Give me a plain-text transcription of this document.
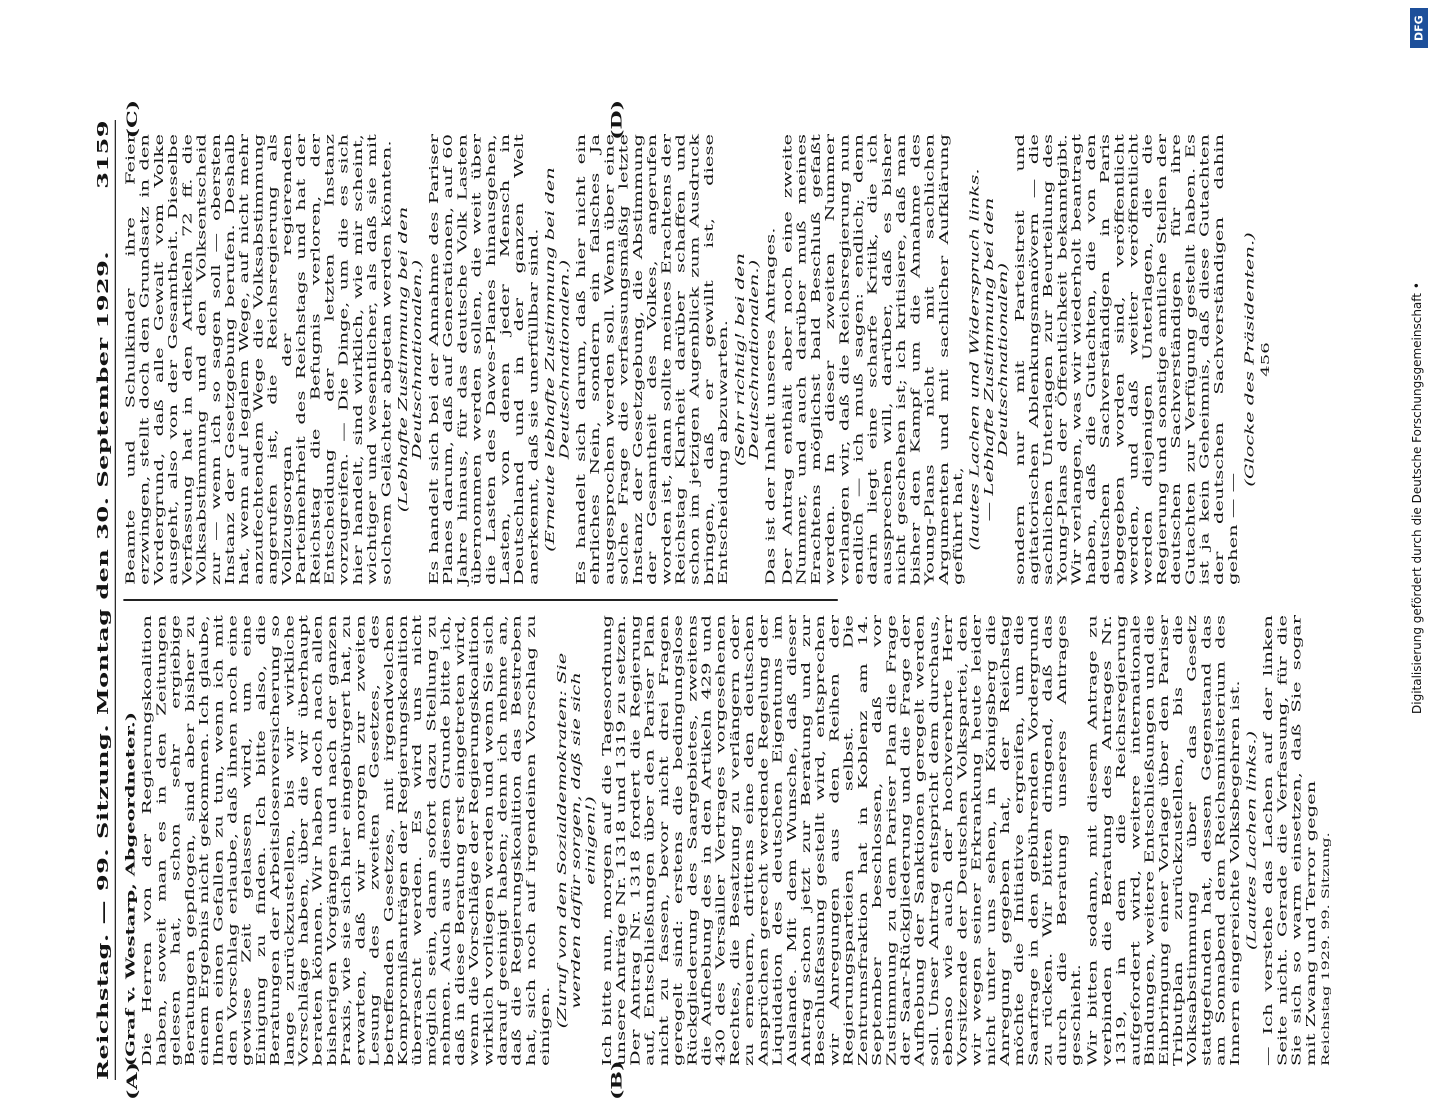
Reichstag. — 99. Sitzung. Montag den 30. September 1929.
3159
(A)	(B)
(C)	(D)

(Graf v. Westarp, Abgeordneter.) Die Herren von der Regierungskoalition haben, soweit man es in den Zeitungen gelesen hat, schon sehr ergiebige Beratungen gepflogen, sind aber bisher zu einem Ergebnis nicht gekommen. Ich glaube, Ihnen einen Gefallen zu tun, wenn ich mit den Vorschlag erlaube, daß ihnen noch eine gewisse Zeit gelassen wird, um eine Einigung zu finden. Ich bitte also, die Beratungen der Arbeitslosenversicherung so lange zurückzustellen, bis wir wirkliche Vorschläge haben, über die wir überhaupt beraten können. Wir haben doch nach allen bisherigen Vorgängen und nach der ganzen Praxis, wie sie sich hier eingebürgert hat, zu erwarten, daß wir morgen zur zweiten Lesung des zweiten Gesetzes, des betreffenden Gesetzes, mit irgendwelchen Kompromißanträgen der Regierungskoalition überrascht werden. Es wird uns nicht möglich sein, dann sofort dazu Stellung zu nehmen. Auch aus diesem Grunde bitte ich, daß in diese Beratung erst eingetreten wird, wenn die Vorschläge der Regierungskoalition wirklich vorliegen werden und wenn Sie sich darauf geeinigt haben; denn ich nehme an, daß die Regierungskoalition das Bestreben hat, sich noch auf irgendeinen Vorschlag zu einigen. (Zuruf von den Sozialdemokraten: Sie werden dafür sorgen, daß sie sich einigen!) Ich bitte nun, morgen auf die Tagesordnung unsere Anträge Nr. 1318 und 1319 zu setzen. Der Antrag Nr. 1318 fordert die Regierung auf, Entschließungen über den Pariser Plan nicht zu fassen, bevor nicht drei Fragen geregelt sind: erstens die bedingungslose Rückgliederung des Saargebietes, zweitens die Aufhebung des in den Artikeln 429 und 430 des Versailler Vertrages vorgesehenen Rechtes, die Besatzung zu verlängern oder zu erneuern, drittens eine den deutschen Ansprüchen gerecht werdende Regelung der Liquidation des deutschen Eigentums im Auslande. Mit dem Wunsche, daß dieser Antrag schon jetzt zur Beratung und zur Beschlußfassung gestellt wird, entsprechen wir Anregungen aus den Reihen der Regierungsparteien selbst. Die Zentrumsfraktion hat in Koblenz am 14. September beschlossen, daß vor Zustimmung zu dem Pariser Plan die Frage der Saar-Rückgliederung und die Frage der Aufhebung der Sanktionen geregelt werden soll. Unser Antrag entspricht dem durchaus, ebenso wie auch der hochverehrte Herr Vorsitzende der Deutschen Volkspartei, den wir wegen seiner Erkrankung heute leider nicht unter uns sehen, in Königsberg die Anregung gegeben hat, der Reichstag möchte die Initiative ergreifen, um die Saarfrage in den gebührenden Vordergrund zu rücken. Wir bitten dringend, daß das durch die Beratung unseres Antrages geschieht. Wir bitten sodann, mit diesem Antrage zu verbinden die Beratung des Antrages Nr. 1319, in dem die Reichsregierung aufgefordert wird, weitere internationale Bindungen, weitere Entschließungen und die Einbringung einer Vorlage über den Pariser Tributplan zurückzustellen, bis die Volksabstimmung über das Gesetz stattgefunden hat, dessen Gegenstand das am Sonnabend dem Reichsministerium des Innern eingereichte Volksbegehren ist. (Lautes Lachen links.) — Ich verstehe das Lachen auf der linken Seite nicht. Gerade die Verfassung, für die Sie sich so warm einsetzen, daß Sie sogar mit Zwang und Terror gegen Reichstag 1929. 99. Sitzung.

Beamte und Schulkinder ihre Feier erzwingen, stellt doch den Grundsatz in den Vordergrund, daß alle Gewalt vom Volke ausgeht, also von der Gesamtheit. Dieselbe Verfassung hat in den Artikeln 72 ff. die Volksabstimmung und den Volksentscheid zur — wenn ich so sagen soll — obersten Instanz der Gesetzgebung berufen. Deshalb hat, wenn auf legalem Wege, auf nicht mehr anzufechtendem Wege die Volksabstimmung angerufen ist, die Reichsregierung als Vollzugsorgan der regierenden Parteimehrheit des Reichstags und hat der Reichstag die Befugnis verloren, der Entscheidung der letzten Instanz vorzugreifen. — Die Dinge, um die es sich hier handelt, sind wirklich, wie mir scheint, wichtiger und wesentlicher, als daß sie mit solchem Gelächter abgetan werden könnten. (Lebhafte Zustimmung bei den Deutschnationalen.) Es handelt sich bei der Annahme des Pariser Planes darum, daß auf Generationen, auf 60 Jahre hinaus, für das deutsche Volk Lasten übernommen werden sollen, die weit über die Lasten des Dawes-Planes hinausgehen, Lasten, von denen jeder Mensch in Deutschland und in der ganzen Welt anerkennt, daß sie unerfüllbar sind. (Erneute lebhafte Zustimmung bei den Deutschnationalen.) Es handelt sich darum, daß hier nicht ein ehrliches Nein, sondern ein falsches Ja ausgesprochen werden soll. Wenn über eine solche Frage die verfassungsmäßig letzte Instanz der Gesetzgebung, die Abstimmung der Gesamtheit des Volkes, angerufen worden ist, dann sollte meines Erachtens der Reichstag Klarheit darüber schaffen und schon im jetzigen Augenblick zum Ausdruck bringen, daß er gewillt ist, diese Entscheidung abzuwarten. (Sehr richtig! bei den Deutschnationalen.) Das ist der Inhalt unseres Antrages. Der Antrag enthält aber noch eine zweite Nummer, und auch darüber muß meines Erachtens möglichst bald Beschluß gefaßt werden. In dieser zweiten Nummer verlangen wir, daß die Reichsregierung nun endlich — ich muß sagen: endlich; denn darin liegt eine scharfe Kritik, die ich aussprechen will, darüber, daß es bisher nicht geschehen ist; ich kritisiere, daß man bisher den Kampf um die Annahme des Young-Plans nicht mit sachlichen Argumenten und mit sachlicher Aufklärung geführt hat, (lautes Lachen und Widerspruch links. — Lebhafte Zustimmung bei den Deutschnationalen) sondern nur mit Parteistreit und agitatorischen Ablenkungsmanövern — die sachlichen Unterlagen zur Beurteilung des Young-Plans der Öffentlichkeit bekanntgibt. Wir verlangen, was wir wiederholt beantragt haben, daß die Gutachten, die von den deutschen Sachverständigen in Paris abgegeben worden sind, veröffentlicht werden, und daß weiter veröffentlicht werden diejenigen Unterlagen, die die Regierung und sonstige amtliche Stellen der deutschen Sachverständigen für ihre Gutachten zur Verfügung gestellt haben. Es ist ja kein Geheimnis, daß diese Gutachten der deutschen Sachverständigen dahin gehen — —

(Glocke des Präsidenten.) 456

DFG
Digitalisierung gefördert durch die Deutsche Forschungsgemeinschaft •
